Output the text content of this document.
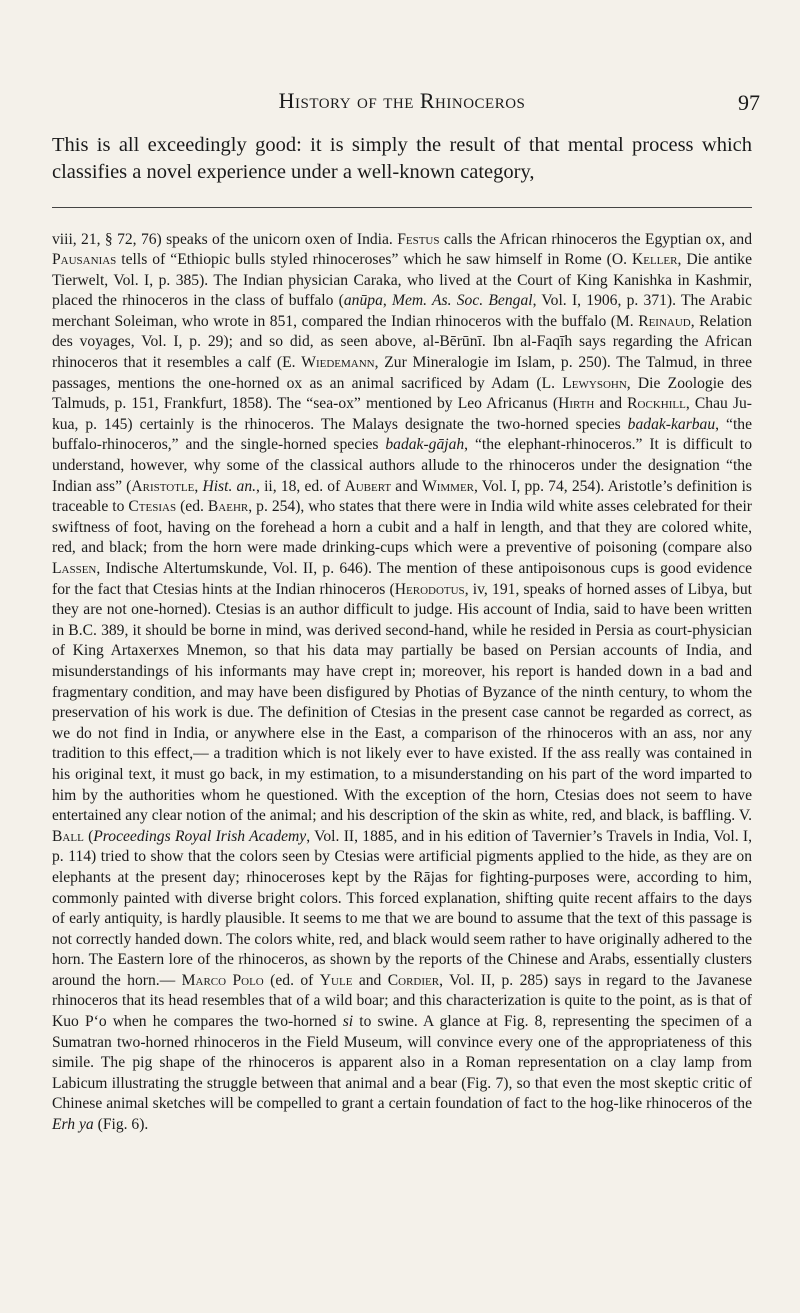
History of the Rhinoceros	97

This is all exceedingly good: it is simply the result of that mental process which classifies a novel experience under a well-known category,

viii, 21, § 72, 76) speaks of the unicorn oxen of India. Festus calls the African rhinoceros the Egyptian ox, and Pausanias tells of “Ethiopic bulls styled rhinoceroses” which he saw himself in Rome (O. Keller, Die antike Tierwelt, Vol. I, p. 385). The Indian physician Caraka, who lived at the Court of King Kanishka in Kashmir, placed the rhinoceros in the class of buffalo (anūpa, Mem. As. Soc. Bengal, Vol. I, 1906, p. 371). The Arabic merchant Soleiman, who wrote in 851, compared the Indian rhinoceros with the buffalo (M. Reinaud, Relation des voyages, Vol. I, p. 29); and so did, as seen above, al-Bērūnī. Ibn al-Faqīh says regarding the African rhinoceros that it resembles a calf (E. Wiedemann, Zur Mineralogie im Islam, p. 250). The Talmud, in three passages, mentions the one-horned ox as an animal sacrificed by Adam (L. Lewysohn, Die Zoologie des Talmuds, p. 151, Frankfurt, 1858). The “sea-ox” mentioned by Leo Africanus (Hirth and Rockhill, Chau Ju-kua, p. 145) certainly is the rhinoceros. The Malays designate the two-horned species badak-karbau, “the buffalo-rhinoceros,” and the single-horned species badak-gājah, “the elephant-rhinoceros.” It is difficult to understand, however, why some of the classical authors allude to the rhinoceros under the designation “the Indian ass” (Aristotle, Hist. an., ii, 18, ed. of Aubert and Wimmer, Vol. I, pp. 74, 254). Aristotle’s definition is traceable to Ctesias (ed. Baehr, p. 254), who states that there were in India wild white asses celebrated for their swiftness of foot, having on the forehead a horn a cubit and a half in length, and that they are colored white, red, and black; from the horn were made drinking-cups which were a preventive of poisoning (compare also Lassen, Indische Altertumskunde, Vol. II, p. 646). The mention of these antipoisonous cups is good evidence for the fact that Ctesias hints at the Indian rhinoceros (Herodotus, iv, 191, speaks of horned asses of Libya, but they are not one-horned). Ctesias is an author difficult to judge. His account of India, said to have been written in B.C. 389, it should be borne in mind, was derived second-hand, while he resided in Persia as court-physician of King Artaxerxes Mnemon, so that his data may partially be based on Persian accounts of India, and misunderstandings of his informants may have crept in; moreover, his report is handed down in a bad and fragmentary condition, and may have been disfigured by Photias of Byzance of the ninth century, to whom the preservation of his work is due. The definition of Ctesias in the present case cannot be regarded as correct, as we do not find in India, or anywhere else in the East, a comparison of the rhinoceros with an ass, nor any tradition to this effect,— a tradition which is not likely ever to have existed. If the ass really was contained in his original text, it must go back, in my estimation, to a misunderstanding on his part of the word imparted to him by the authorities whom he questioned. With the exception of the horn, Ctesias does not seem to have entertained any clear notion of the animal; and his description of the skin as white, red, and black, is baffling. V. Ball (Proceedings Royal Irish Academy, Vol. II, 1885, and in his edition of Tavernier’s Travels in India, Vol. I, p. 114) tried to show that the colors seen by Ctesias were artificial pigments applied to the hide, as they are on elephants at the present day; rhinoceroses kept by the Rājas for fighting-purposes were, according to him, commonly painted with diverse bright colors. This forced explanation, shifting quite recent affairs to the days of early antiquity, is hardly plausible. It seems to me that we are bound to assume that the text of this passage is not correctly handed down. The colors white, red, and black would seem rather to have originally adhered to the horn. The Eastern lore of the rhinoceros, as shown by the reports of the Chinese and Arabs, essentially clusters around the horn.— Marco Polo (ed. of Yule and Cordier, Vol. II, p. 285) says in regard to the Javanese rhinoceros that its head resembles that of a wild boar; and this characterization is quite to the point, as is that of Kuo P‘o when he compares the two-horned si to swine. A glance at Fig. 8, representing the specimen of a Sumatran two-horned rhinoceros in the Field Museum, will convince every one of the appropriateness of this simile. The pig shape of the rhinoceros is apparent also in a Roman representation on a clay lamp from Labicum illustrating the struggle between that animal and a bear (Fig. 7), so that even the most skeptic critic of Chinese animal sketches will be compelled to grant a certain foundation of fact to the hog-like rhinoceros of the Erh ya (Fig. 6).
